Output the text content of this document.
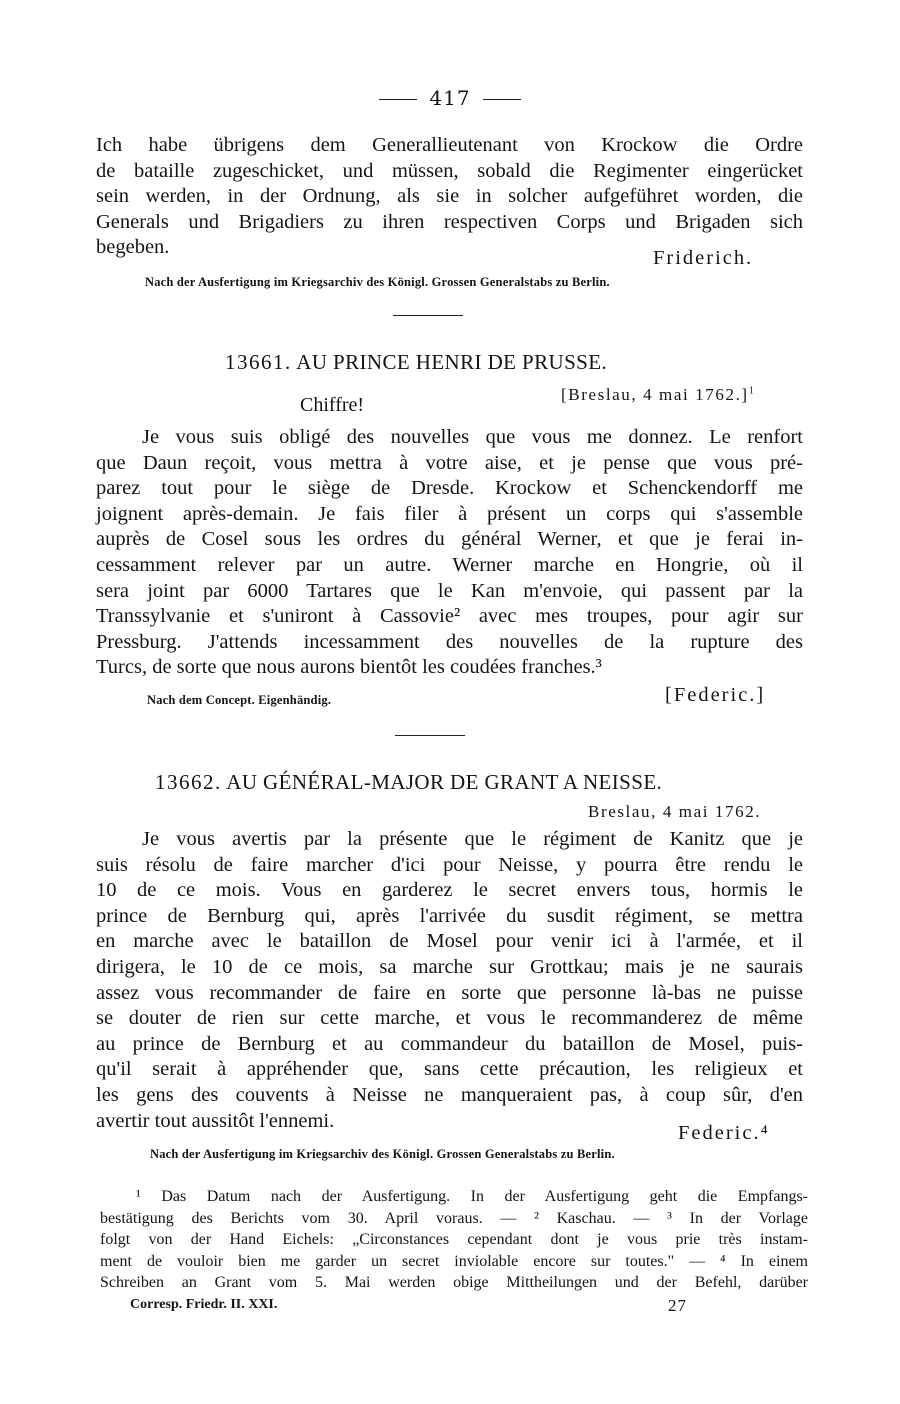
417
Ich habe übrigens dem Generallieutenant von Krockow die Ordre
de bataille zugeschicket, und müssen, sobald die Regimenter eingerücket
sein werden, in der Ordnung, als sie in solcher aufgeführet worden, die
Generals und Brigadiers zu ihren respectiven Corps und Brigaden sich
begeben.	Friderich.
Nach der Ausfertigung im Kriegsarchiv des Königl. Grossen Generalstabs zu Berlin.
13661. AU PRINCE HENRI DE PRUSSE.
Chiffre!	[Breslau, 4 mai 1762.]$^1$
Je vous suis obligé des nouvelles que vous me donnez. Le renfort
que Daun reçoit, vous mettra à votre aise, et je pense que vous pré-
parez tout pour le siège de Dresde. Krockow et Schenckendorff me
joignent après-demain. Je fais filer à présent un corps qui s'assemble
auprès de Cosel sous les ordres du général Werner, et que je ferai in-
cessamment relever par un autre. Werner marche en Hongrie, où il
sera joint par 6000 Tartares que le Kan m'envoie, qui passent par la
Transsylvanie et s'uniront à Cassovie² avec mes troupes, pour agir sur
Pressburg. J'attends incessamment des nouvelles de la rupture des
Turcs, de sorte que nous aurons bientôt les coudées franches.³
Nach dem Concept. Eigenhändig.	[Federic.]
13662. AU GÉNÉRAL-MAJOR DE GRANT A NEISSE.
Breslau, 4 mai 1762.
Je vous avertis par la présente que le régiment de Kanitz que je
suis résolu de faire marcher d'ici pour Neisse, y pourra être rendu le
10 de ce mois. Vous en garderez le secret envers tous, hormis le
prince de Bernburg qui, après l'arrivée du susdit régiment, se mettra
en marche avec le bataillon de Mosel pour venir ici à l'armée, et il
dirigera, le 10 de ce mois, sa marche sur Grottkau; mais je ne saurais
assez vous recommander de faire en sorte que personne là-bas ne puisse
se douter de rien sur cette marche, et vous le recommanderez de même
au prince de Bernburg et au commandeur du bataillon de Mosel, puis-
qu'il serait à appréhender que, sans cette précaution, les religieux et
les gens des couvents à Neisse ne manqueraient pas, à coup sûr, d'en
avertir tout aussitôt l'ennemi.
Federic.⁴
Nach der Ausfertigung im Kriegsarchiv des Königl. Grossen Generalstabs zu Berlin.
¹ Das Datum nach der Ausfertigung. In der Ausfertigung geht die Empfangs-
bestätigung des Berichts vom 30. April voraus. — ² Kaschau. — ³ In der Vorlage
folgt von der Hand Eichels: „Circonstances cependant dont je vous prie très instam-
ment de vouloir bien me garder un secret inviolable encore sur toutes." — ⁴ In einem
Schreiben an Grant vom 5. Mai werden obige Mittheilungen und der Befehl, darüber
Corresp. Friedr. II. XXI.	27
